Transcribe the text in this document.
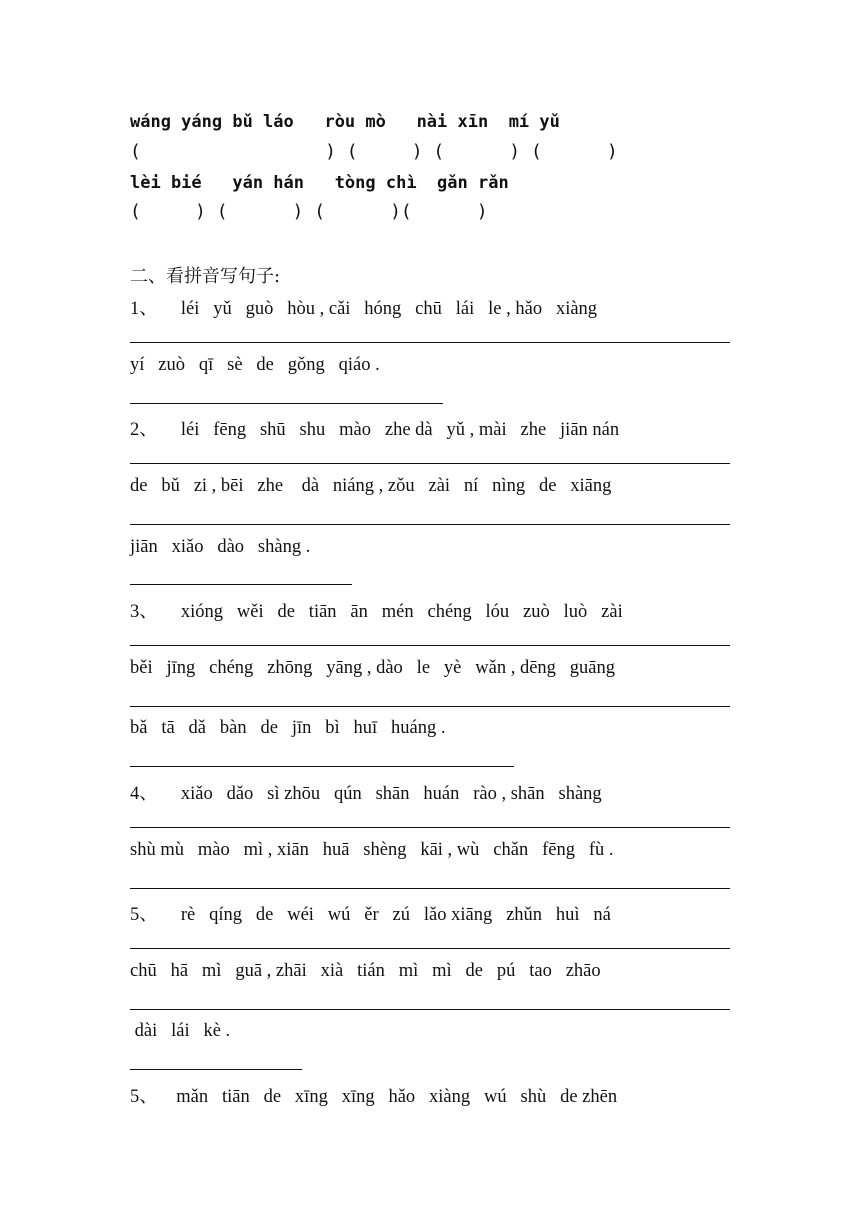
wáng yáng bǔ láo   ròu mò   nài xīn  mí yǔ
(                 ) (     ) (      ) (      )
lèi bié   yán hán   tòng chì  gǎn rǎn
(     ) (      ) (      )(      )
二、看拼音写句子:
1、     léi   yǔ   guò   hòu , cǎi   hóng   chū   lái   le , hǎo   xiàng
yí   zuò   qī   sè   de   gǒng   qiáo .
2、     léi   fēng   shū   shu   mào   zhe dà   yǔ , mài   zhe   jiān nán
de   bǔ   zi , bēi   zhe    dà   niáng , zǒu   zài   ní   nìng   de   xiāng
jiān   xiǎo   dào   shàng .
3、     xióng   wěi   de   tiān   ān   mén   chéng   lóu   zuò   luò   zài
běi   jīng   chéng   zhōng   yāng , dào   le   yè   wǎn , dēng   guāng
bǎ   tā   dǎ   bàn   de   jīn   bì   huī   huáng .
4、     xiǎo   dǎo   sì zhōu   qún   shān   huán   rào , shān   shàng
shù mù   mào   mì , xiān   huā   shèng   kāi , wù   chǎn   fēng   fù .
5、     rè   qíng   de   wéi   wú   ěr   zú   lǎo xiāng   zhǔn   huì   ná
chū   hā   mì   guā , zhāi   xià   tián   mì   mì   de   pú   tao   zhāo
dài   lái   kè .
5、    mǎn   tiān   de   xīng   xīng   hǎo   xiàng   wú   shù   de zhēn
